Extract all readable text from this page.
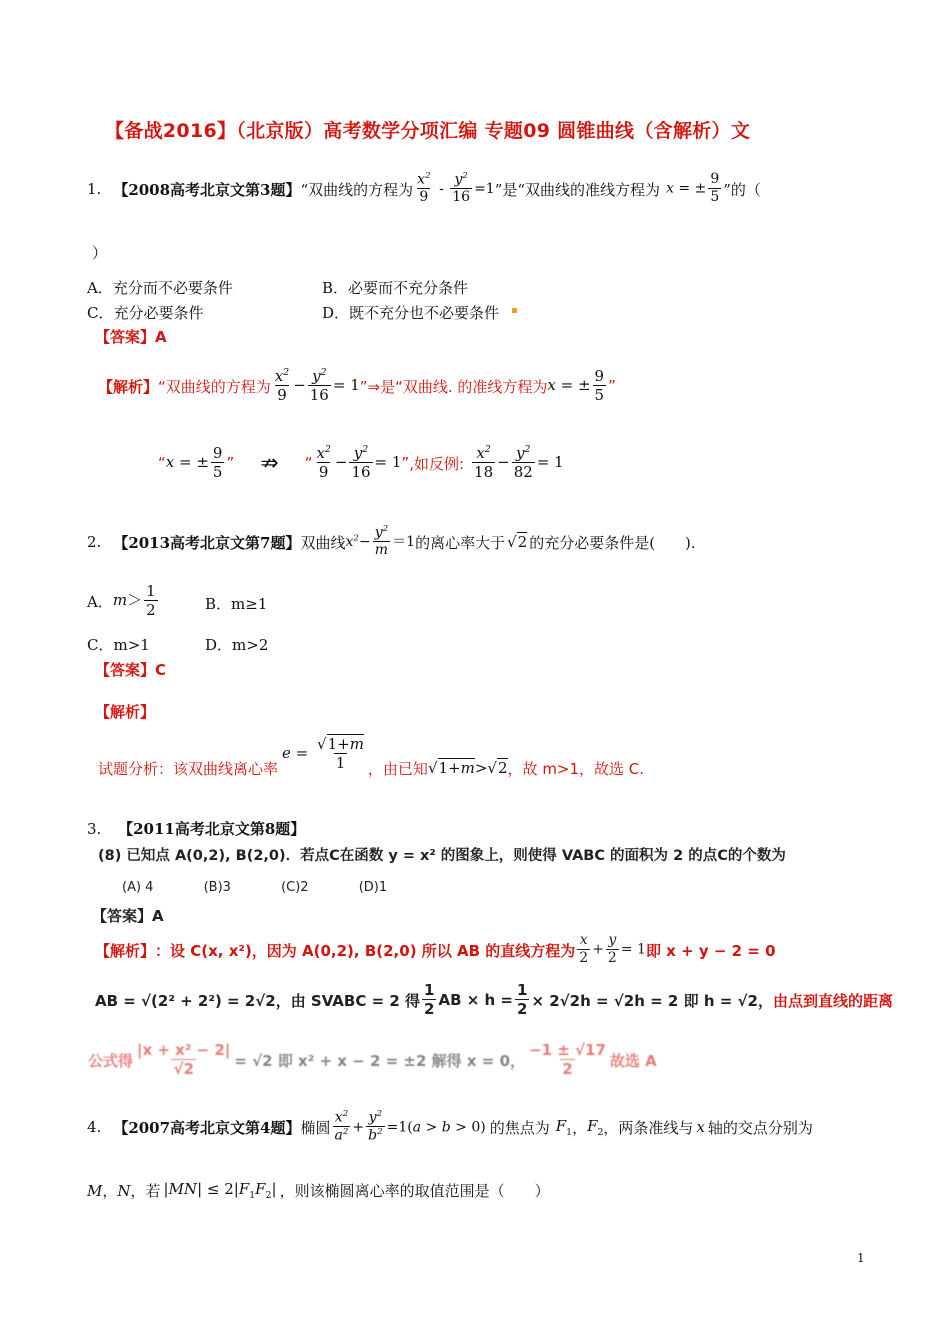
【备战2016】（北京版）高考数学分项汇编 专题09 圆锥曲线（含解析）文
1. 【2008高考北京文第3题】 “双曲线的方程为 $\frac{x^2}{9} - \frac{y^2}{16} =1$ ”是“双曲线的准线方程为 x = ± $\frac{9}{5}$ ”的（
）
A．充分而不必要条件	B．必要而不充分条件
C．充分必要条件	D．既不充分也不必要条件
【答案】A
【解析】 “双曲线的方程为 $\frac{x^2}{9} - \frac{y^2}{16} = 1$ ”⇒是“双曲线. 的准线方程为 x = ± $\frac{9}{5}$ ”
“ x = ± $\frac{9}{5}$ ” ⇏ “ $\frac{x^2}{9} - \frac{y^2}{16} = 1$ ” ,如反例: $\frac{x^2}{18} - \frac{y^2}{82} = 1$
2. 【2013高考北京文第7题】 双曲线 $x^2- \frac{y^2}{m} =1$ 的离心率大于 √2 的充分必要条件是(　　).
A． $m> \frac{1}{2}$	B．m≥1
C．m>1	D．m>2
【答案】C
【解析】
试题分析：该双曲线离心率
$e = \frac{√1+m}{1}$ ，由已知 √1+m>√2 ，故 m>1，故选 C.
3. 【2011高考北京文第8题】
(8) 已知点 A(0,2), B(2,0)．若点C在函数 y = x² 的图象上，则使得 VABC 的面积为 2 的点C的个数为
(A) 4	(B)3	(C)2	(D)1
【答案】A
【解析】 ：设 C(x, x²)，因为 A(0,2), B(2,0) 所以 AB 的直线方程为 $\frac{x}{2} + \frac{y}{2} = 1$ 即 x + y − 2 = 0
AB = √(2² + 2²) = 2√2，由 SVABC = 2 得 $\frac{1}{2}$ AB × $h = \frac{1}{2} \times 2√2h = √2h = 2$ 即 h = √2， 由点到直线的距离
公式得 $\frac{\text{|x + x² − 2|}}{√2} = √2$ 即 x² + x − 2 = ±2 解得 x = 0， $\frac{-1 \pm √17}{2}$ 故选 A
4. 【2007高考北京文第4题】 椭圆 $\frac{x^2}{a^2} + \frac{y^2}{b^2} =1(a > b > 0)$ 的焦点为 $F_1$ ， $F_2$ ，两条准线与 x 轴的交点分别为
M，N ，若 $|MN| \le 2|F_1F_2|$ ，则该椭圆离心率的取值范围是（　　）
1
